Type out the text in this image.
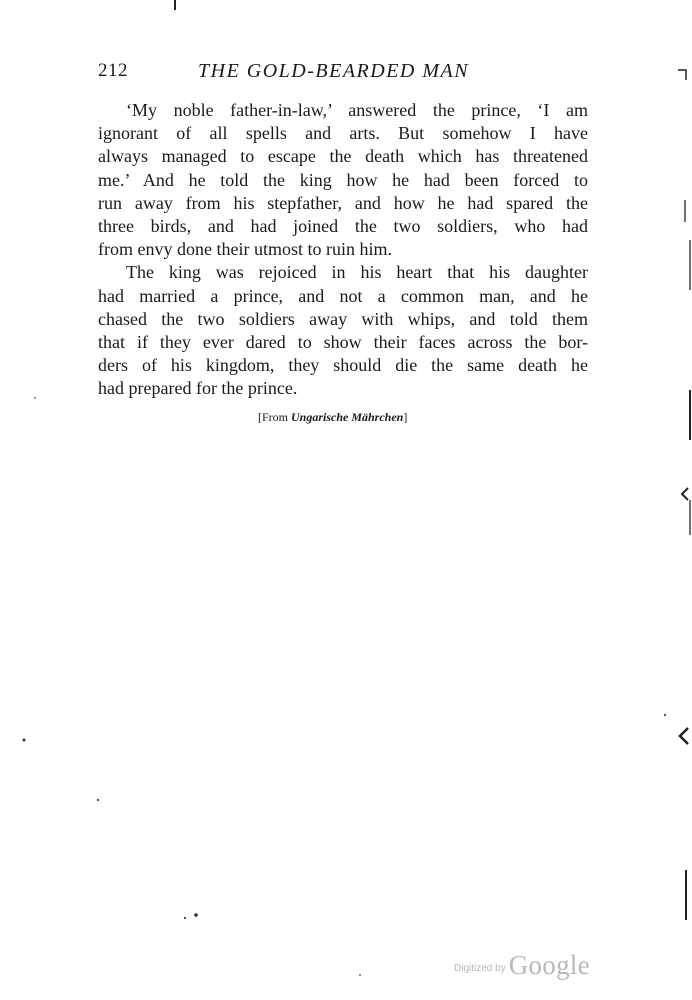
212	THE GOLD-BEARDED MAN
‘My noble father-in-law,’ answered the prince, ‘I am
ignorant of all spells and arts. But somehow I have
always managed to escape the death which has threatened
me.’ And he told the king how he had been forced to
run away from his stepfather, and how he had spared the
three birds, and had joined the two soldiers, who had
from envy done their utmost to ruin him.
The king was rejoiced in his heart that his daughter
had married a prince, and not a common man, and he
chased the two soldiers away with whips, and told them
that if they ever dared to show their faces across the bor-
ders of his kingdom, they should die the same death he
had prepared for the prince.
[From Ungarische Mährchen]
Digitized by Google
